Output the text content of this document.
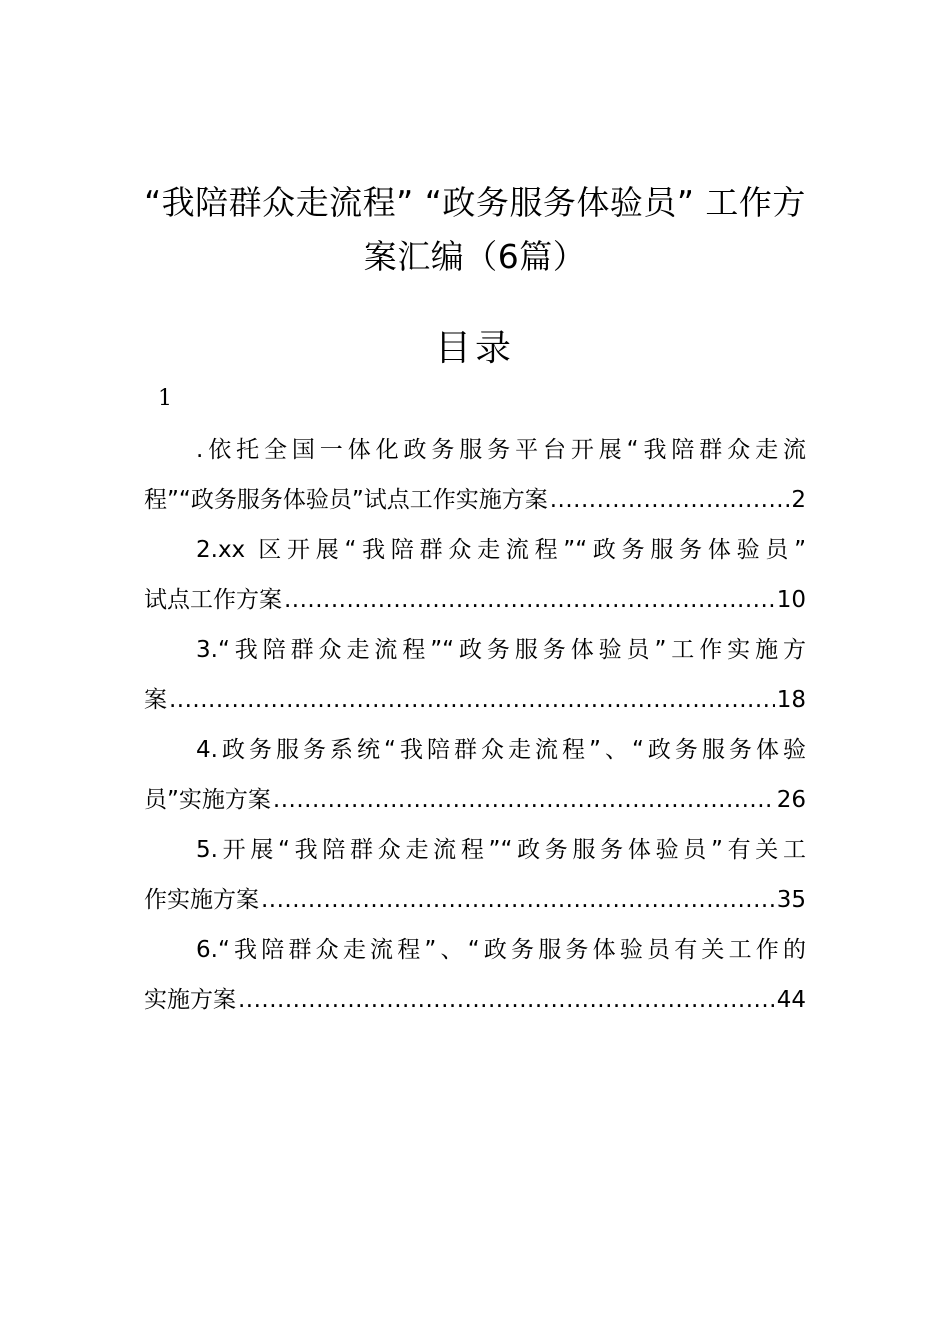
“我陪群众走流程” “政务服务体验员” 工作方案汇编（6篇）
目录
1
.依托全国一体化政务服务平台开展“我陪群众走流
程”“政务服务体验员”试点工作实施方案 .....	2
2.xx 区开展“我陪群众走流程”“政务服务体验员”
试点工作方案 .....	10
3.“我陪群众走流程”“政务服务体验员”工作实施方
案 .....	18
4.政务服务系统“我陪群众走流程”、“政务服务体验
员”实施方案 .....	26
5.开展“我陪群众走流程”“政务服务体验员”有关工
作实施方案 .....	35
6.“我陪群众走流程”、“政务服务体验员有关工作的
实施方案 .....	44
